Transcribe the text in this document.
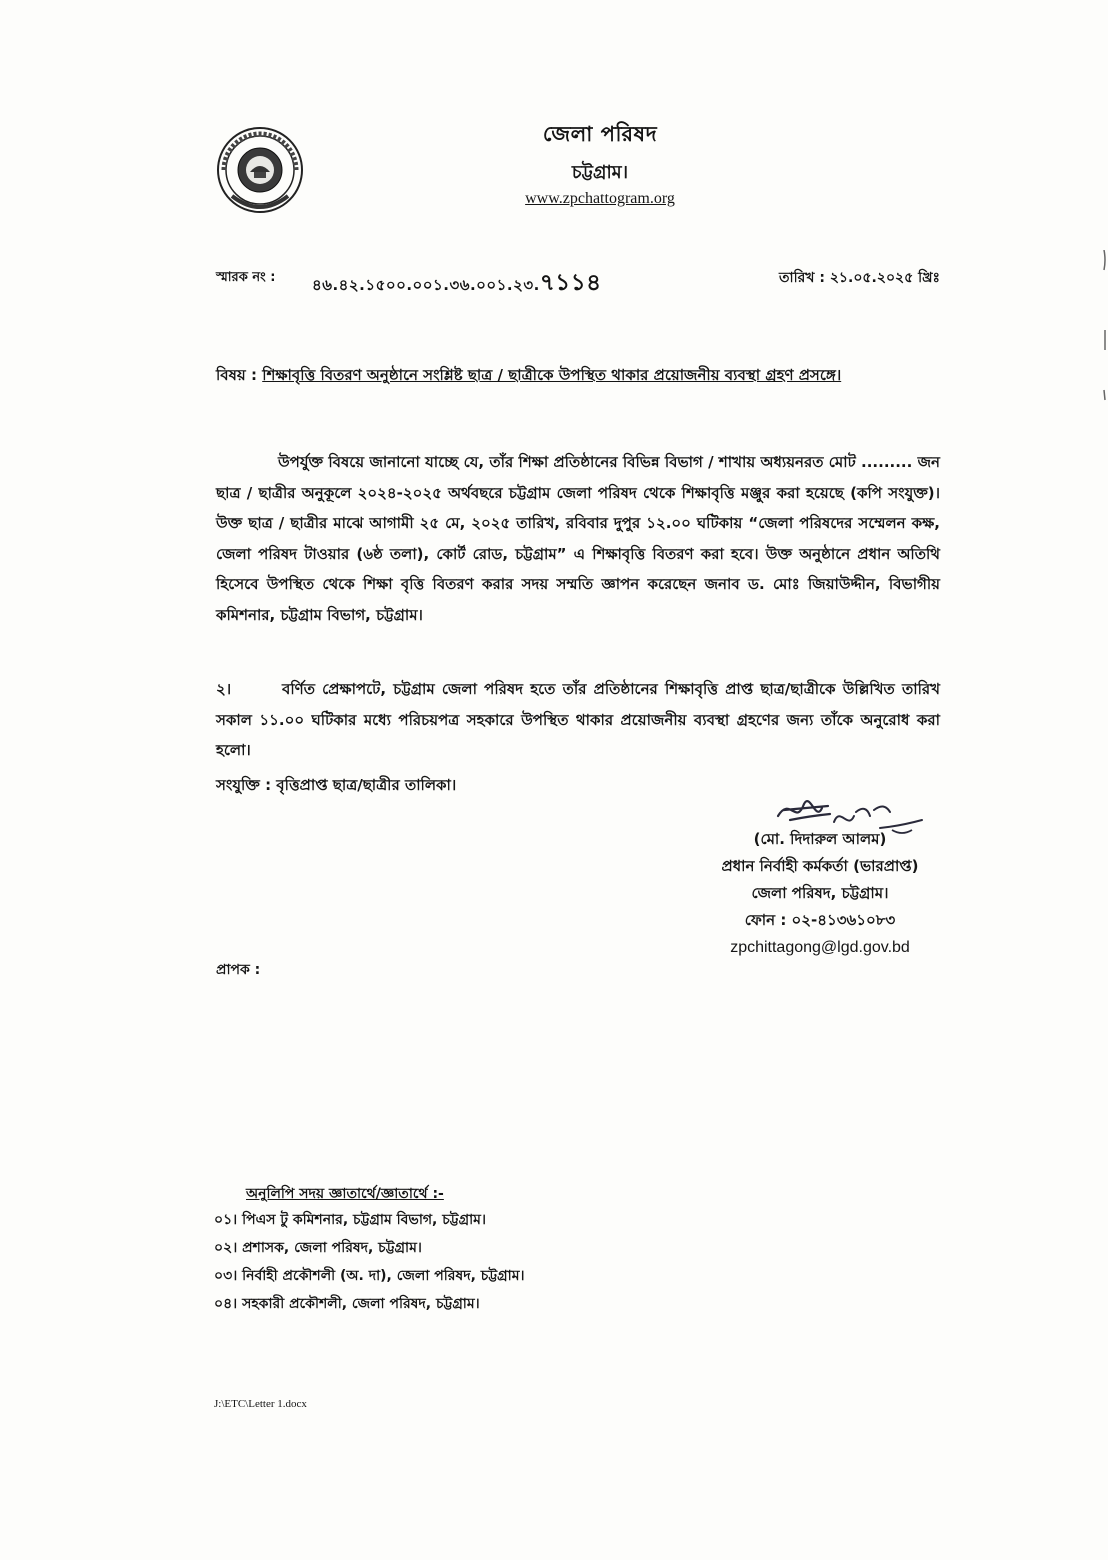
জেলা পরিষদ
চট্টগ্রাম।
www.zpchattogram.org
স্মারক নং : ৪৬.৪২.১৫০০.০০১.৩৬.০০১.২৩.৭১১৪	তারিখ : ২১.০৫.২০২৫ খ্রিঃ
বিষয় : শিক্ষাবৃত্তি বিতরণ অনুষ্ঠানে সংশ্লিষ্ট ছাত্র / ছাত্রীকে উপস্থিত থাকার প্রয়োজনীয় ব্যবস্থা গ্রহণ প্রসঙ্গে।
উপর্যুক্ত বিষয়ে জানানো যাচ্ছে যে, তাঁর শিক্ষা প্রতিষ্ঠানের বিভিন্ন বিভাগ / শাখায় অধ্যয়নরত মোট ......... জন ছাত্র / ছাত্রীর অনুকূলে ২০২৪-২০২৫ অর্থবছরে চট্টগ্রাম জেলা পরিষদ থেকে শিক্ষাবৃত্তি মঞ্জুর করা হয়েছে (কপি সংযুক্ত)। উক্ত ছাত্র / ছাত্রীর মাঝে আগামী ২৫ মে, ২০২৫ তারিখ, রবিবার দুপুর ১২.০০ ঘটিকায় “জেলা পরিষদের সম্মেলন কক্ষ, জেলা পরিষদ টাওয়ার (৬ষ্ঠ তলা), কোর্ট রোড, চট্টগ্রাম” এ শিক্ষাবৃত্তি বিতরণ করা হবে। উক্ত অনুষ্ঠানে প্রধান অতিথি হিসেবে উপস্থিত থেকে শিক্ষা বৃত্তি বিতরণ করার সদয় সম্মতি জ্ঞাপন করেছেন জনাব ড. মোঃ জিয়াউদ্দীন, বিভাগীয় কমিশনার, চট্টগ্রাম বিভাগ, চট্টগ্রাম।
২।	বর্ণিত প্রেক্ষাপটে, চট্টগ্রাম জেলা পরিষদ হতে তাঁর প্রতিষ্ঠানের শিক্ষাবৃত্তি প্রাপ্ত ছাত্র/ছাত্রীকে উল্লিখিত তারিখ সকাল ১১.০০ ঘটিকার মধ্যে পরিচয়পত্র সহকারে উপস্থিত থাকার প্রয়োজনীয় ব্যবস্থা গ্রহণের জন্য তাঁকে অনুরোধ করা হলো।
সংযুক্তি : বৃত্তিপ্রাপ্ত ছাত্র/ছাত্রীর তালিকা।
(মো. দিদারুল আলম)
প্রধান নির্বাহী কর্মকর্তা (ভারপ্রাপ্ত)
জেলা পরিষদ, চট্টগ্রাম।
ফোন : ০২-৪১৩৬১০৮৩
zpchittagong@lgd.gov.bd
প্রাপক :
অনুলিপি সদয় জ্ঞাতার্থে/জ্ঞাতার্থে :-
০১। পিএস টু কমিশনার, চট্টগ্রাম বিভাগ, চট্টগ্রাম।
০২। প্রশাসক, জেলা পরিষদ, চট্টগ্রাম।
০৩। নির্বাহী প্রকৌশলী (অ. দা), জেলা পরিষদ, চট্টগ্রাম।
০৪। সহকারী প্রকৌশলী, জেলা পরিষদ, চট্টগ্রাম।
J:\ETC\Letter 1.docx
